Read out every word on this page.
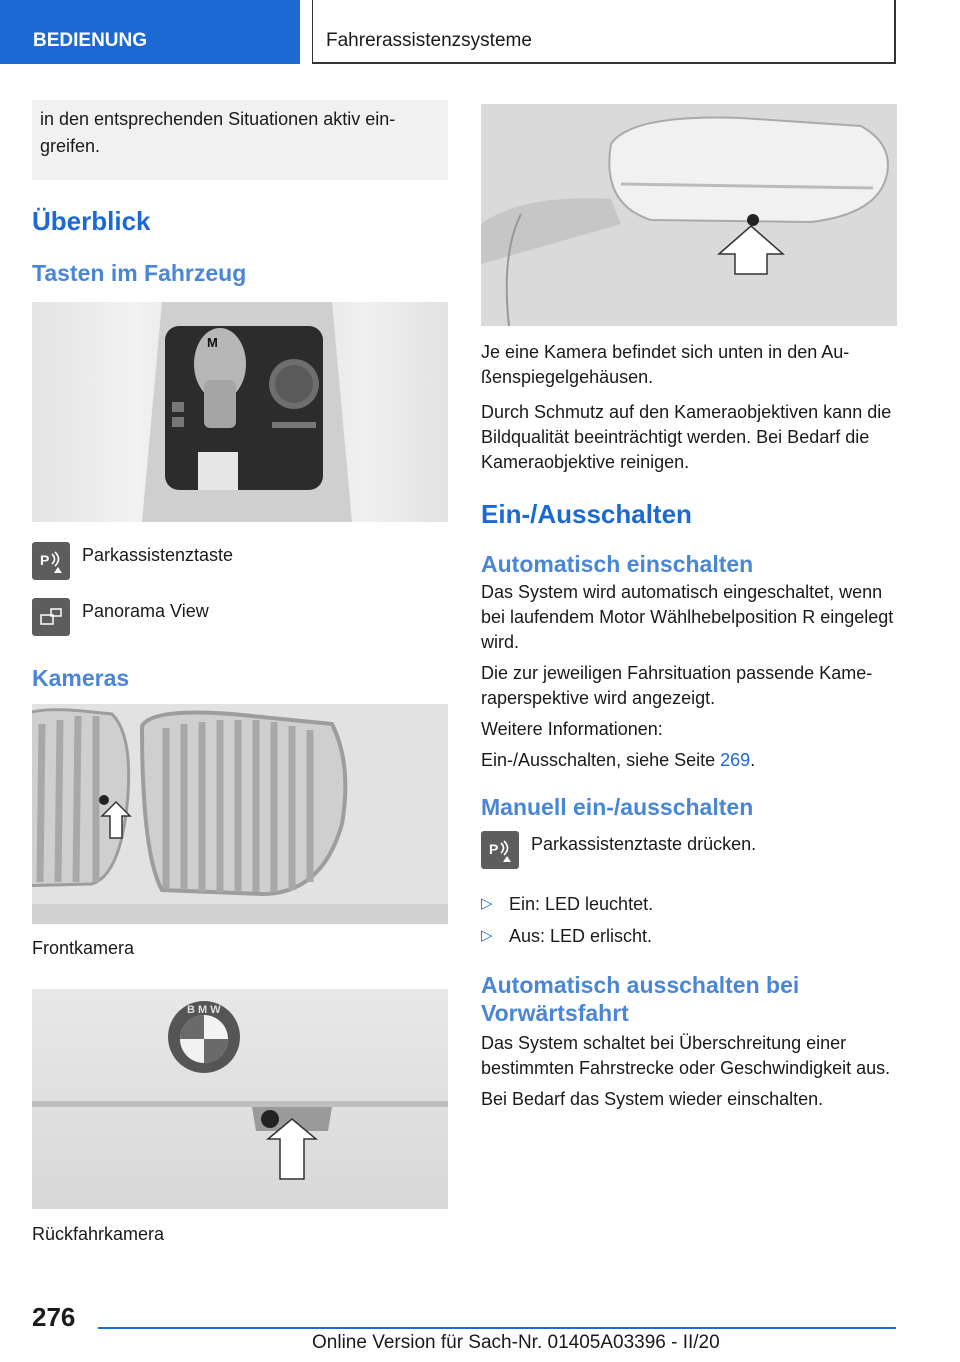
BEDIENUNG	Fahrerassistenzsysteme

in den entsprechenden Situationen aktiv eingreifen.

Überblick
Tasten im Fahrzeug
M
P Parkassistenztaste
Panorama View
Kameras

Frontkamera

B M W

Rückfahrkamera

Je eine Kamera befindet sich unten in den Außenspiegelgehäusen.

Durch Schmutz auf den Kameraobjektiven kann die Bildqualität beeinträchtigt werden. Bei Bedarf die Kameraobjektive reinigen.

Ein-/Ausschalten
Automatisch einschalten

Das System wird automatisch eingeschaltet, wenn bei laufendem Motor Wählhebelposition R eingelegt wird.

Die zur jeweiligen Fahrsituation passende Kameraperspektive wird angezeigt.

Weitere Informationen:

Ein-/Ausschalten, siehe Seite 269.

Manuell ein-/ausschalten
P Parkassistenztaste drücken.
▷ Ein: LED leuchtet.
▷ Aus: LED erlischt.
Automatisch ausschalten bei Vorwärtsfahrt

Das System schaltet bei Überschreitung einer bestimmten Fahrstrecke oder Geschwindigkeit aus.

Bei Bedarf das System wieder einschalten.

276
Online Version für Sach-Nr. 01405A03396 - II/20
